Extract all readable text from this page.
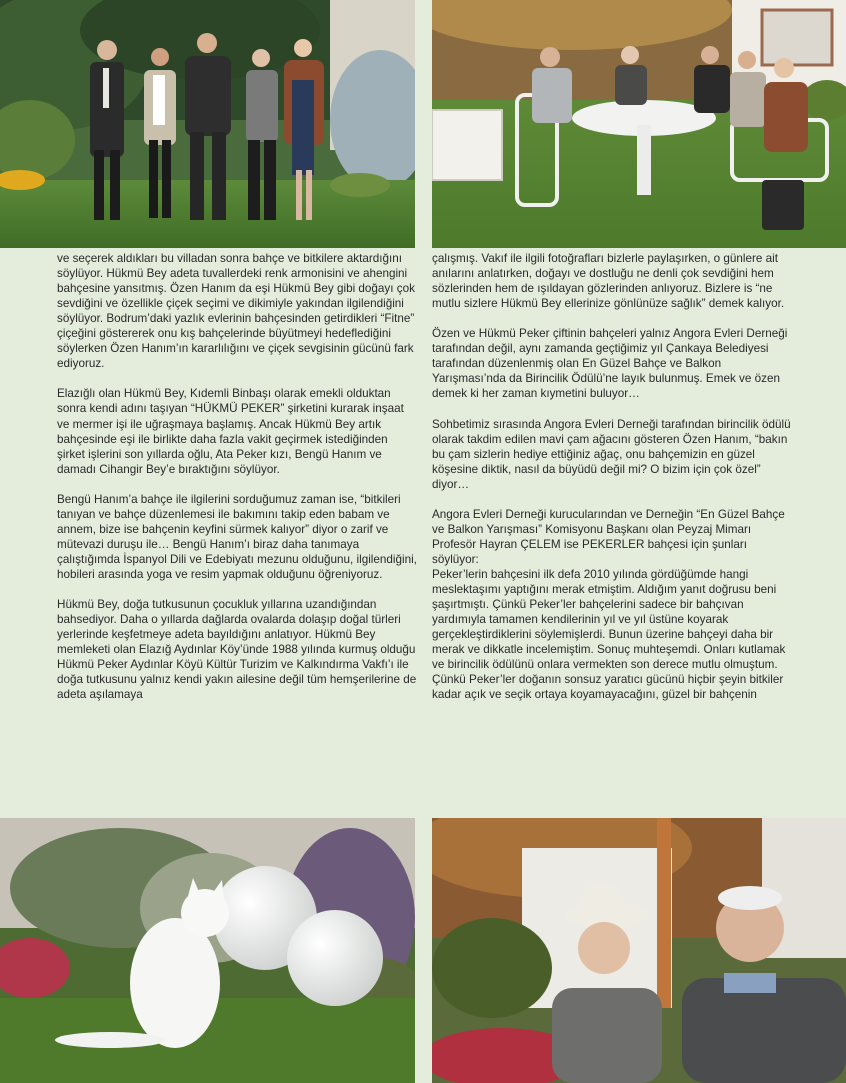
ve seçerek aldıkları bu villadan sonra bahçe ve bitkilere aktardığını söylüyor. Hükmü Bey adeta tuvallerdeki renk armonisini ve ahengini bahçesine yansıtmış. Özen Hanım da eşi Hükmü Bey gibi doğayı çok sevdiğini ve özellikle çiçek seçimi ve dikimiyle yakından ilgilendiğini söylüyor. Bodrum’daki yazlık evlerinin bahçesinden getirdikleri “Fitne” çiçeğini göstererek onu kış bahçelerinde büyütmeyi hedeflediğini söylerken Özen Hanım’ın kararlılığını ve çiçek sevgisinin gücünü fark ediyoruz.

Elazığlı olan Hükmü Bey, Kıdemli Binbaşı olarak emekli olduktan sonra kendi adını taşıyan “HÜKMÜ PEKER” şirketini kurarak inşaat ve mermer işi ile uğraşmaya başlamış. Ancak Hükmü Bey artık bahçesinde eşi ile birlikte daha fazla vakit geçirmek istediğinden şirket işlerini son yıllarda oğlu, Ata Peker kızı, Bengü Hanım ve damadı Cihangir Bey’e bıraktığını söylüyor.

Bengü Hanım’a bahçe ile ilgilerini sorduğumuz zaman ise, “bitkileri tanıyan ve bahçe düzenlemesi ile bakımını takip eden babam ve annem, bize ise bahçenin keyfini sürmek kalıyor” diyor o zarif ve mütevazi duruşu ile… Bengü Hanım’ı biraz daha tanımaya çalıştığımda İspanyol Dili ve Edebiyatı mezunu olduğunu, ilgilendiğini, hobileri arasında yoga ve resim yapmak olduğunu öğreniyoruz.

Hükmü Bey, doğa tutkusunun çocukluk yıllarına uzandığından bahsediyor. Daha o yıllarda dağlarda ovalarda dolaşıp doğal türleri yerlerinde keşfetmeye adeta bayıldığını anlatıyor. Hükmü Bey memleketi olan Elazığ Aydınlar Köy’ünde 1988 yılında kurmuş olduğu Hükmü Peker Aydınlar Köyü Kültür Turizim ve Kalkındırma Vakfı’ı ile doğa tutkusunu yalnız kendi yakın ailesine değil tüm hemşerilerine de adeta aşılamaya

çalışmış. Vakıf ile ilgili fotoğrafları bizlerle paylaşırken, o günlere ait anılarını anlatırken, doğayı ve dostluğu ne denli çok sevdiğini hem sözlerinden hem de ışıldayan gözlerinden anlıyoruz. Bizlere is “ne mutlu sizlere Hükmü Bey ellerinize gönlünüze sağlık” demek kalıyor.

Özen ve Hükmü Peker çiftinin bahçeleri yalnız Angora Evleri Derneği tarafından değil, aynı zamanda geçtiğimiz yıl Çankaya Belediyesi tarafından düzenlenmiş olan En Güzel Bahçe ve Balkon Yarışması’nda da Birincilik Ödülü’ne layık bulunmuş. Emek ve özen demek ki her zaman kıymetini buluyor…

Sohbetimiz sırasında Angora Evleri Derneği tarafından birincilik ödülü olarak takdim edilen mavi çam ağacını gösteren Özen Hanım, “bakın bu çam sizlerin hediye ettiğiniz ağaç, onu bahçemizin en güzel köşesine diktik, nasıl da büyüdü değil mi? O bizim için çok özel” diyor…

Angora Evleri Derneği kurucularından ve Derneğin “En Güzel Bahçe ve Balkon Yarışması” Komisyonu Başkanı olan Peyzaj Mimarı Profesör Hayran ÇELEM ise PEKERLER bahçesi için şunları söylüyor:

Peker’lerin bahçesini ilk defa 2010 yılında gördüğümde hangi meslektaşımı yaptığını merak etmiştim. Aldığım yanıt doğrusu beni şaşırtmıştı. Çünkü Peker’ler bahçelerini sadece bir bahçıvan yardımıyla tamamen kendilerinin yıl ve yıl üstüne koyarak gerçekleştirdiklerini söylemişlerdi. Bunun üzerine bahçeyi daha bir merak ve dikkatle incelemiştim. Sonuç muhteşemdi. Onları kutlamak ve birincilik ödülünü onlara vermekten son derece mutlu olmuştum. Çünkü Peker’ler doğanın sonsuz yaratıcı gücünü hiçbir şeyin bitkiler kadar açık ve seçik ortaya koyamayacağını, güzel bir bahçenin
